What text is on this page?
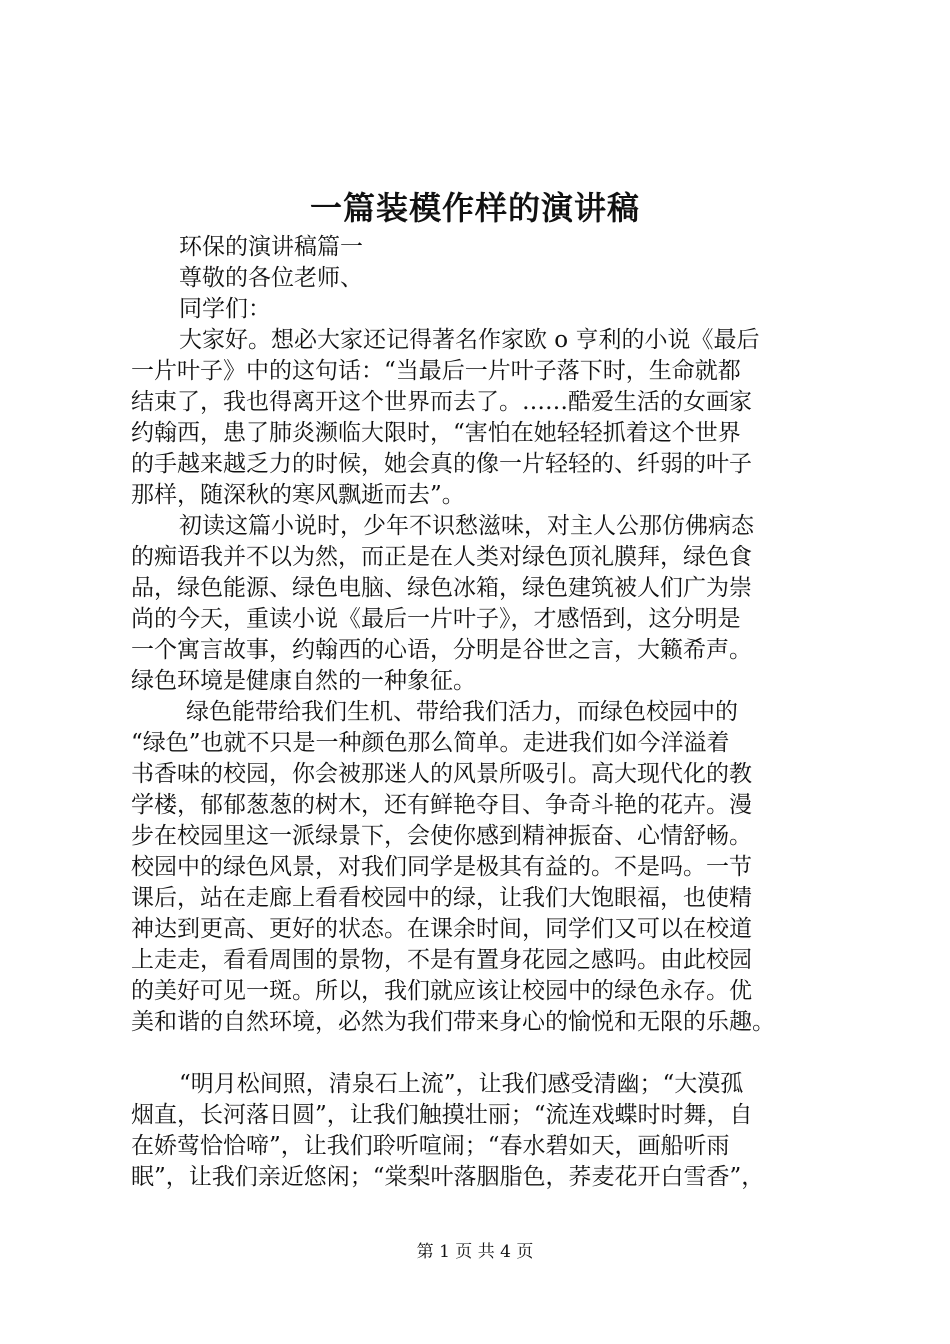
一篇装模作样的演讲稿
环保的演讲稿篇一
尊敬的各位老师、
同学们：
大家好。想必大家还记得著名作家欧 o 亨利的小说《最后
一片叶子》中的这句话：“当最后一片叶子落下时，生命就都
结束了，我也得离开这个世界而去了。……酷爱生活的女画家
约翰西，患了肺炎濒临大限时，“害怕在她轻轻抓着这个世界
的手越来越乏力的时候，她会真的像一片轻轻的、纤弱的叶子
那样，随深秋的寒风飘逝而去”。
初读这篇小说时，少年不识愁滋味，对主人公那仿佛病态
的痴语我并不以为然，而正是在人类对绿色顶礼膜拜，绿色食
品，绿色能源、绿色电脑、绿色冰箱，绿色建筑被人们广为崇
尚的今天，重读小说《最后一片叶子》，才感悟到，这分明是
一个寓言故事，约翰西的心语，分明是谷世之言，大籁希声。
绿色环境是健康自然的一种象征。
绿色能带给我们生机、带给我们活力，而绿色校园中的
“绿色”也就不只是一种颜色那么简单。走进我们如今洋溢着
书香味的校园，你会被那迷人的风景所吸引。高大现代化的教
学楼，郁郁葱葱的树木，还有鲜艳夺目、争奇斗艳的花卉。漫
步在校园里这一派绿景下，会使你感到精神振奋、心情舒畅。
校园中的绿色风景，对我们同学是极其有益的。不是吗。一节
课后，站在走廊上看看校园中的绿，让我们大饱眼福，也使精
神达到更高、更好的状态。在课余时间，同学们又可以在校道
上走走，看看周围的景物，不是有置身花园之感吗。由此校园
的美好可见一斑。所以，我们就应该让校园中的绿色永存。优
美和谐的自然环境，必然为我们带来身心的愉悦和无限的乐趣。
“明月松间照，清泉石上流”，让我们感受清幽；“大漠孤
烟直，长河落日圆”，让我们触摸壮丽；“流连戏蝶时时舞，自
在娇莺恰恰啼”，让我们聆听喧闹；“春水碧如天，画船听雨
眠”，让我们亲近悠闲；“棠梨叶落胭脂色，荞麦花开白雪香”，
第 1 页 共 4 页
